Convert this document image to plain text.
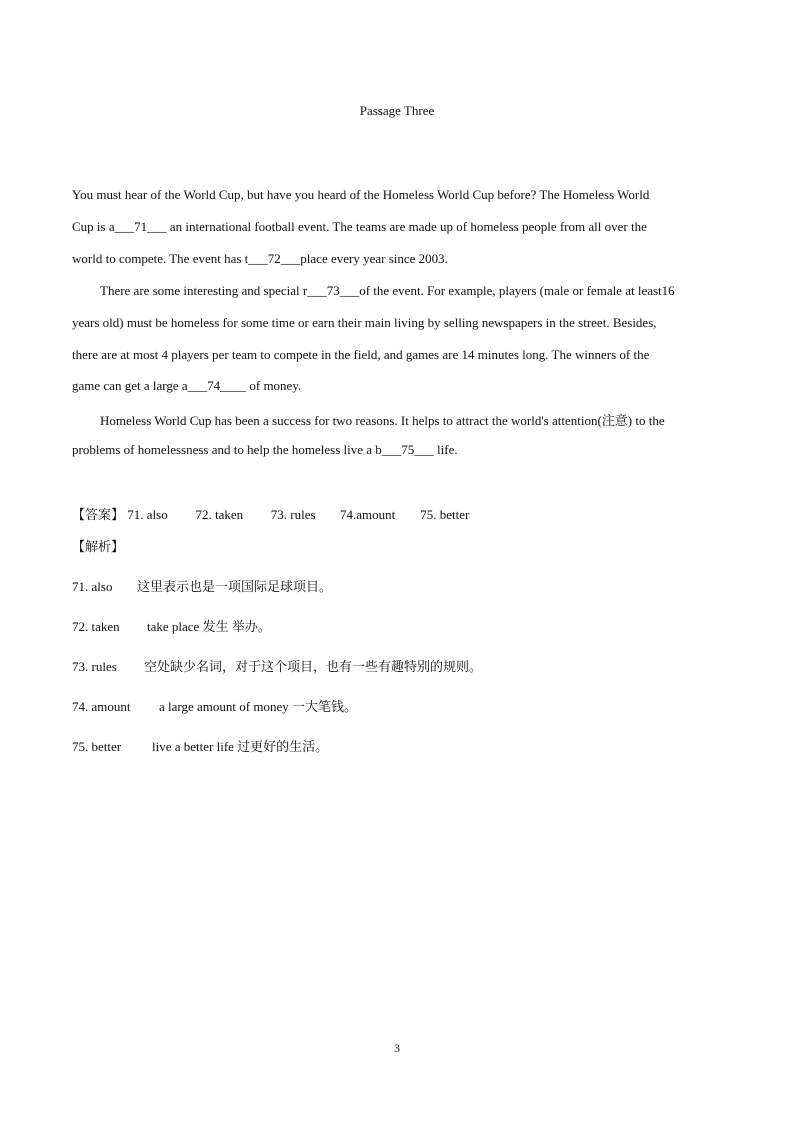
Passage Three
You must hear of the World Cup, but have you heard of the Homeless World Cup before? The Homeless World
Cup is a___71___ an international football event. The teams are made up of homeless people from all over the
world to compete. The event has t___72___place every year since 2003.
There are some interesting and special r___73___of the event. For example, players (male or female at least16
years old) must be homeless for some time or earn their main living by selling newspapers in the street. Besides,
there are at most 4 players per team to compete in the field, and games are 14 minutes long. The winners of the
game can get a large a___74____ of money.
Homeless World Cup has been a success for two reasons. It helps to attract the world's attention(注意) to the
problems of homelessness and to help the homeless live a b___75___ life.
【答案】 71. also 72. taken 73. rules 74.amount 75. better
【解析】
71. also 这里表示也是一项国际足球项目。
72. taken take place 发生 举办。
73. rules 空处缺少名词，对于这个项目，也有一些有趣特别的规则。
74. amount a large amount of money 一大笔钱。
75. better live a better life 过更好的生活。
3
